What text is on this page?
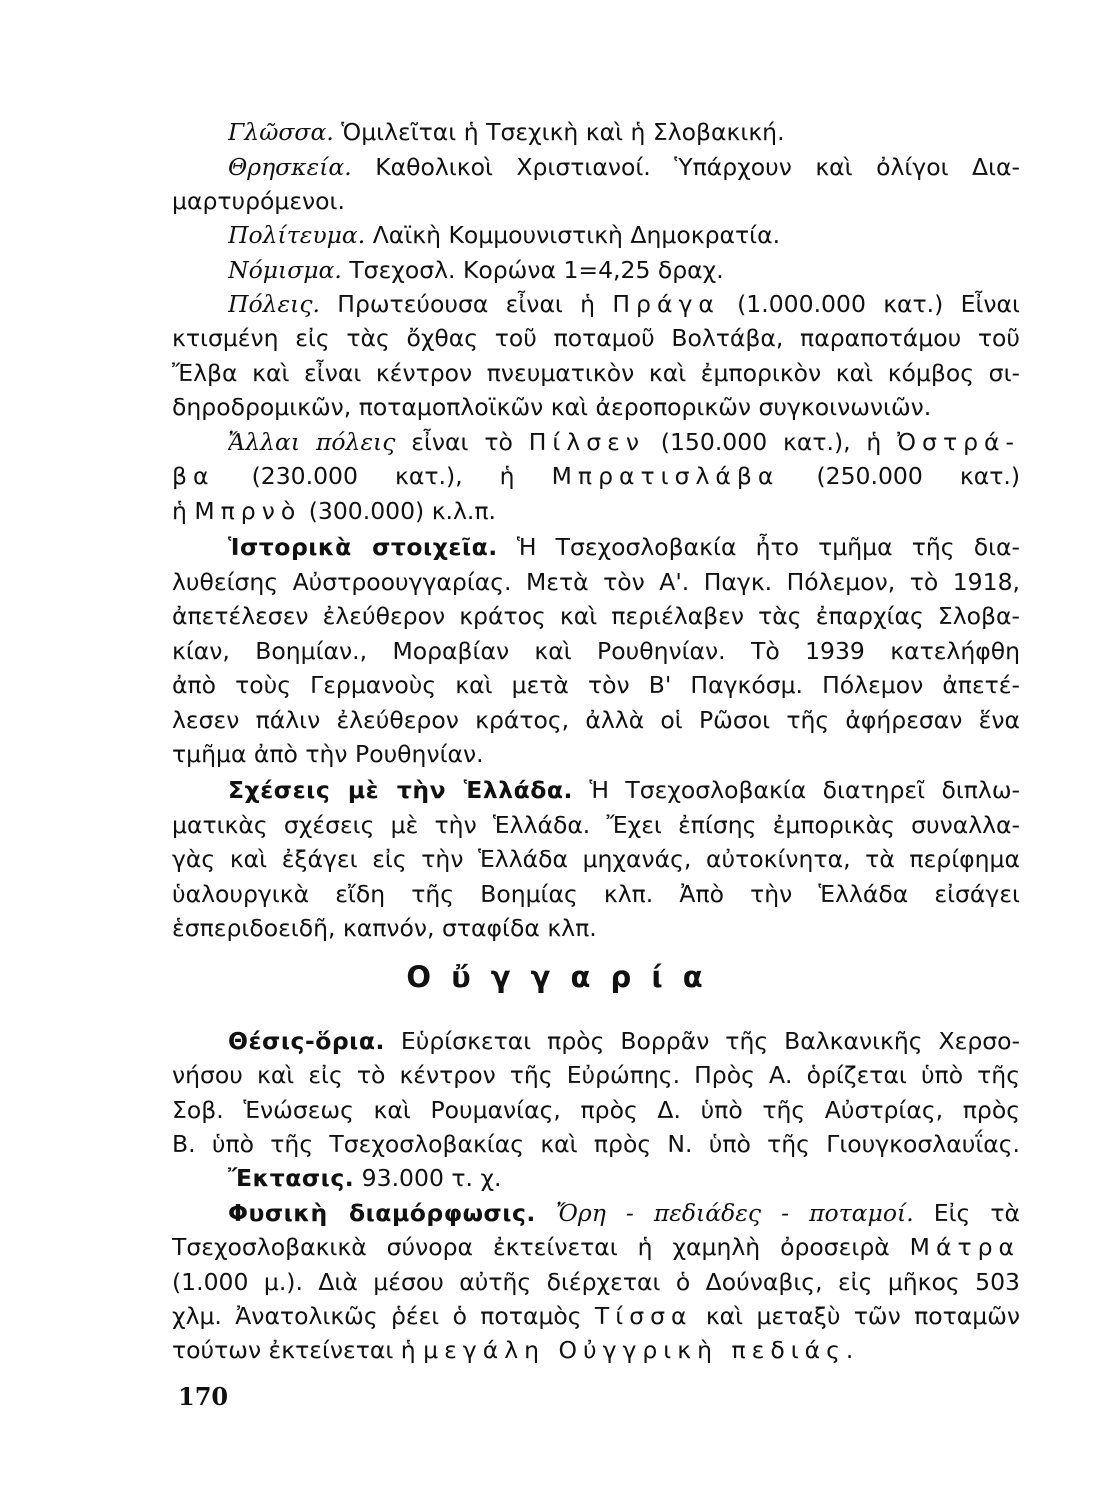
Γλῶσσα. Ὁμιλεῖται ἡ Τσεχικὴ καὶ ἡ Σλοβακική.
Θρησκεία. Καθολικοὶ Χριστιανοί. Ὑπάρχουν καὶ ὀλίγοι Δια-
μαρτυρόμενοι.
Πολίτευμα. Λαϊκὴ Κομμουνιστικὴ Δημοκρατία.
Νόμισμα. Τσεχοσλ. Κορώνα 1=4,25 δραχ.
Πόλεις. Πρωτεύουσα εἶναι ἡ Πράγα (1.000.000 κατ.) Εἶναι
κτισμένη εἰς τὰς ὄχθας τοῦ ποταμοῦ Βολτάβα, παραποτάμου τοῦ
Ἔλβα καὶ εἶναι κέντρον πνευματικὸν καὶ ἐμπορικὸν καὶ κόμβος σι-
δηροδρομικῶν, ποταμοπλοϊκῶν καὶ ἀεροπορικῶν συγκοινωνιῶν.
Ἄλλαι πόλεις εἶναι τὸ Πίλσεν (150.000 κατ.), ἡ Ὀστρά-
βα (230.000 κατ.), ἡ Μπρατισλάβα (250.000 κατ.)
ἡ Μπρνὸ (300.000) κ.λ.π.
Ἱστορικὰ στοιχεῖα. Ἡ Τσεχοσλοβακία ἦτο τμῆμα τῆς δια-
λυθείσης Αὐστροουγγαρίας. Μετὰ τὸν Α'. Παγκ. Πόλεμον, τὸ 1918,
ἀπετέλεσεν ἐλεύθερον κράτος καὶ περιέλαβεν τὰς ἐπαρχίας Σλοβα-
κίαν, Βοημίαν., Μοραβίαν καὶ Ρουθηνίαν. Τὸ 1939 κατελήφθη
ἀπὸ τοὺς Γερμανοὺς καὶ μετὰ τὸν Β' Παγκόσμ. Πόλεμον ἀπετέ-
λεσεν πάλιν ἐλεύθερον κράτος, ἀλλὰ οἱ Ρῶσοι τῆς ἀφήρεσαν ἕνα
τμῆμα ἀπὸ τὴν Ρουθηνίαν.
Σχέσεις μὲ τὴν Ἑλλάδα. Ἡ Τσεχοσλοβακία διατηρεῖ διπλω-
ματικὰς σχέσεις μὲ τὴν Ἑλλάδα. Ἔχει ἐπίσης ἐμπορικὰς συναλλα-
γὰς καὶ ἐξάγει εἰς τὴν Ἑλλάδα μηχανάς, αὐτοκίνητα, τὰ περίφημα
ὑαλουργικὰ εἴδη τῆς Βοημίας κλπ. Ἀπὸ τὴν Ἑλλάδα εἰσάγει
ἑσπεριδοειδῆ, καπνόν, σταφίδα κλπ.
Ο ὔ γ γ α ρ ί α
Θέσις-ὅρια. Εὑρίσκεται πρὸς Βορρᾶν τῆς Βαλκανικῆς Χερσο-
νήσου καὶ εἰς τὸ κέντρον τῆς Εὐρώπης. Πρὸς Α. ὁρίζεται ὑπὸ τῆς
Σοβ. Ἑνώσεως καὶ Ρουμανίας, πρὸς Δ. ὑπὸ τῆς Αὐστρίας, πρὸς
Β. ὑπὸ τῆς Τσεχοσλοβακίας καὶ πρὸς Ν. ὑπὸ τῆς Γιουγκοσλαυΐας.
Ἔκτασις. 93.000 τ. χ.
Φυσικὴ διαμόρφωσις. Ὄρη - πεδιάδες - ποταμοί. Εἰς τὰ
Τσεχοσλοβακικὰ σύνορα ἐκτείνεται ἡ χαμηλὴ ὀροσειρὰ Μάτρα
(1.000 μ.). Διὰ μέσου αὐτῆς διέρχεται ὁ Δούναβις, εἰς μῆκος 503
χλμ. Ἀνατολικῶς ῥέει ὁ ποταμὸς Τίσσα καὶ μεταξὺ τῶν ποταμῶν
τούτων ἐκτείνεται ἡ μεγάλη Οὐγγρικὴ πεδιάς.
170
